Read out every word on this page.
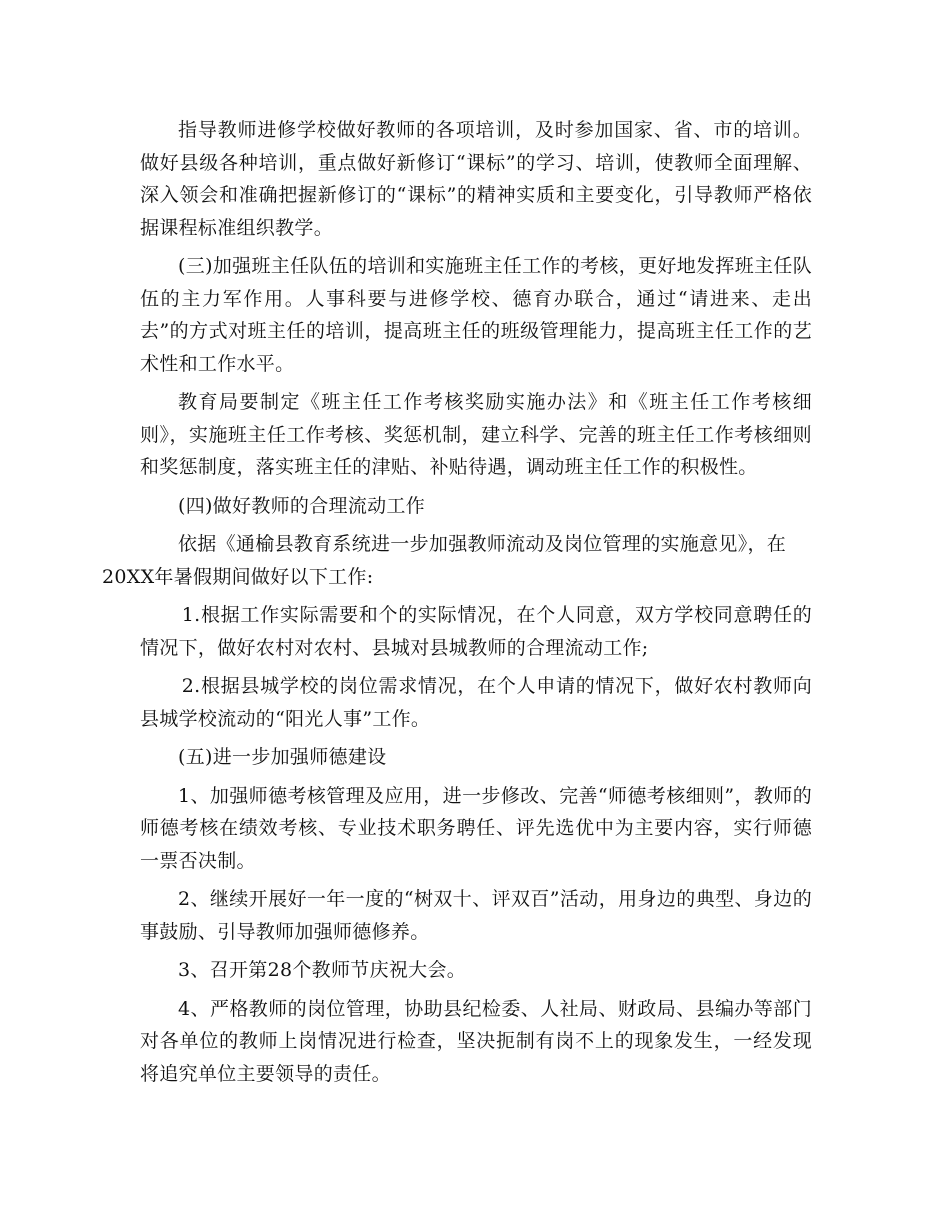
指导教师进修学校做好教师的各项培训，及时参加国家、省、市的培训。做好县级各种培训，重点做好新修订“课标”的学习、培训，使教师全面理解、深入领会和准确把握新修订的“课标”的精神实质和主要变化，引导教师严格依据课程标准组织教学。

(三)加强班主任队伍的培训和实施班主任工作的考核，更好地发挥班主任队伍的主力军作用。人事科要与进修学校、德育办联合，通过“请进来、走出去”的方式对班主任的培训，提高班主任的班级管理能力，提高班主任工作的艺术性和工作水平。

教育局要制定《班主任工作考核奖励实施办法》和《班主任工作考核细则》，实施班主任工作考核、奖惩机制，建立科学、完善的班主任工作考核细则和奖惩制度，落实班主任的津贴、补贴待遇，调动班主任工作的积极性。

(四)做好教师的合理流动工作

依据《通榆县教育系统进一步加强教师流动及岗位管理的实施意见》，在
20XX年暑假期间做好以下工作:

1.根据工作实际需要和个的实际情况，在个人同意，双方学校同意聘任的情况下，做好农村对农村、县城对县城教师的合理流动工作;

2.根据县城学校的岗位需求情况，在个人申请的情况下，做好农村教师向县城学校流动的“阳光人事”工作。

(五)进一步加强师德建设

1、加强师德考核管理及应用，进一步修改、完善“师德考核细则”，教师的师德考核在绩效考核、专业技术职务聘任、评先选优中为主要内容，实行师德一票否决制。

2、继续开展好一年一度的“树双十、评双百”活动，用身边的典型、身边的事鼓励、引导教师加强师德修养。

3、召开第28个教师节庆祝大会。

4、严格教师的岗位管理，协助县纪检委、人社局、财政局、县编办等部门对各单位的教师上岗情况进行检查，坚决扼制有岗不上的现象发生，一经发现将追究单位主要领导的责任。
